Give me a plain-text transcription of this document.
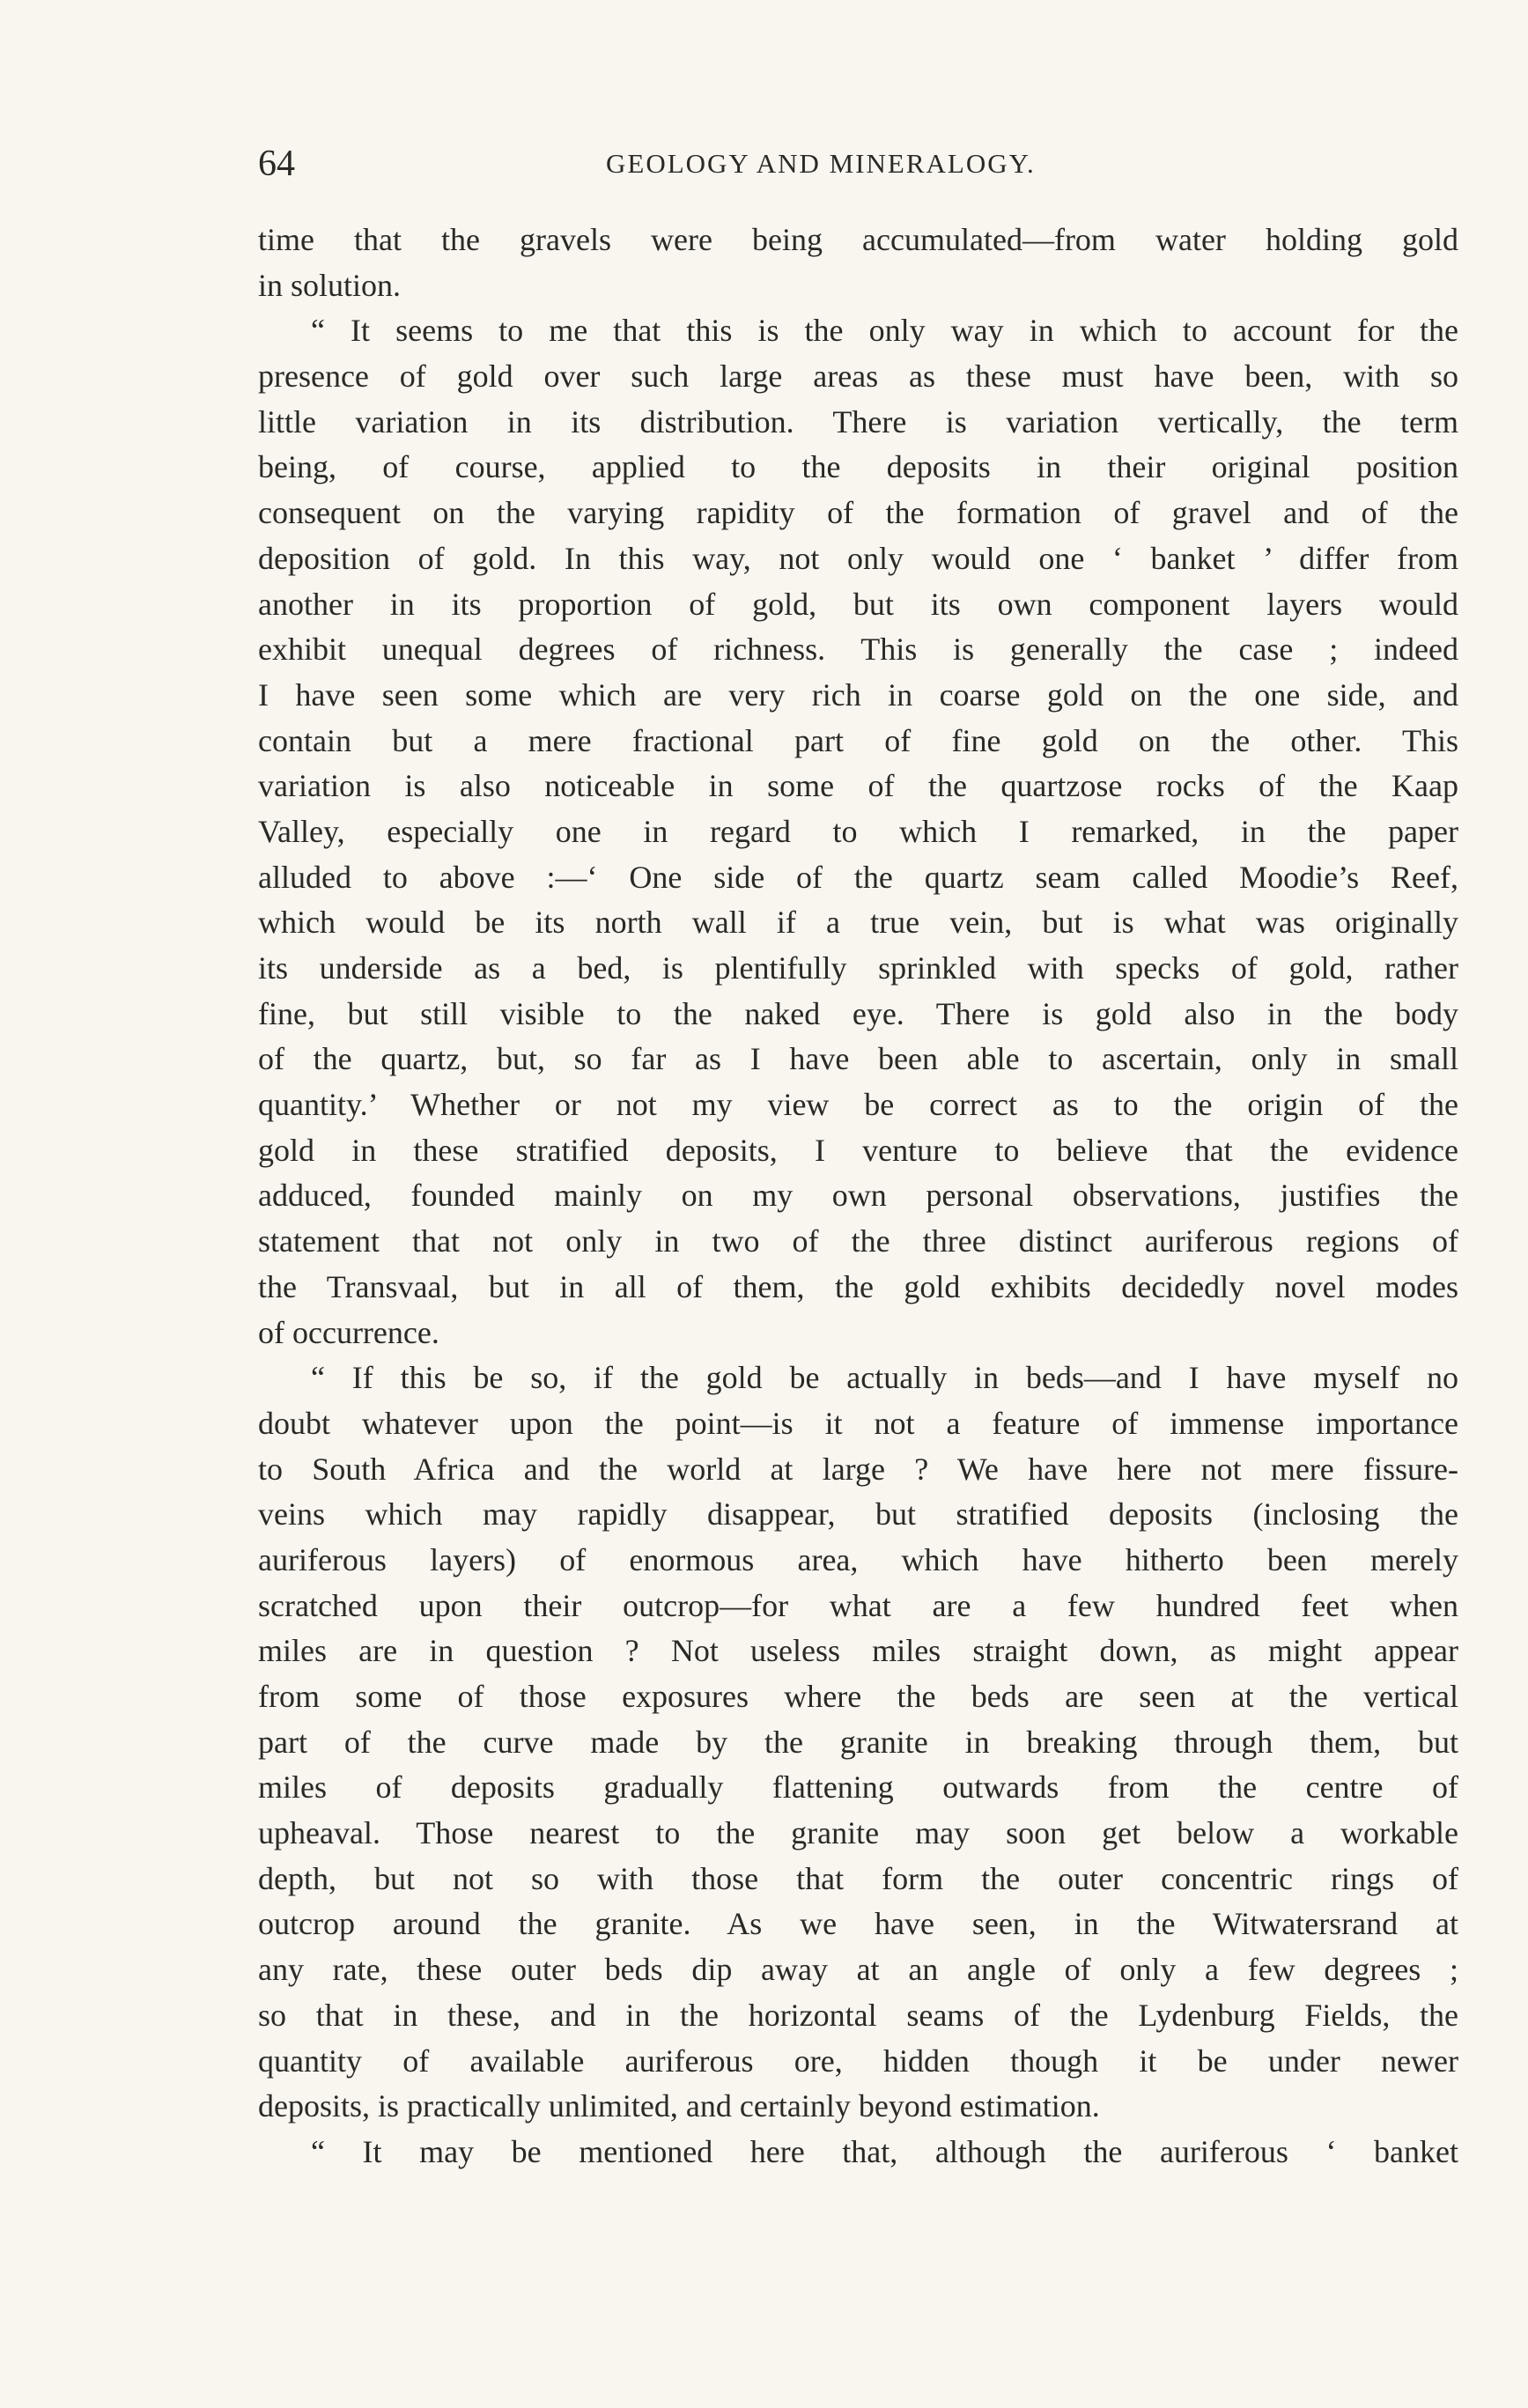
64	GEOLOGY AND MINERALOGY.
time that the gravels were being accumulated—from water holding gold
in solution.
“ It seems to me that this is the only way in which to account for the
presence of gold over such large areas as these must have been, with so
little variation in its distribution. There is variation vertically, the term
being, of course, applied to the deposits in their original position
consequent on the varying rapidity of the formation of gravel and of the
deposition of gold. In this way, not only would one ‘ banket ’ differ from
another in its proportion of gold, but its own component layers would
exhibit unequal degrees of richness. This is generally the case ; indeed
I have seen some which are very rich in coarse gold on the one side, and
contain but a mere fractional part of fine gold on the other. This
variation is also noticeable in some of the quartzose rocks of the Kaap
Valley, especially one in regard to which I remarked, in the paper
alluded to above :—‘ One side of the quartz seam called Moodie’s Reef,
which would be its north wall if a true vein, but is what was originally
its underside as a bed, is plentifully sprinkled with specks of gold, rather
fine, but still visible to the naked eye. There is gold also in the body
of the quartz, but, so far as I have been able to ascertain, only in small
quantity.’ Whether or not my view be correct as to the origin of the
gold in these stratified deposits, I venture to believe that the evidence
adduced, founded mainly on my own personal observations, justifies the
statement that not only in two of the three distinct auriferous regions of
the Transvaal, but in all of them, the gold exhibits decidedly novel modes
of occurrence.
“ If this be so, if the gold be actually in beds—and I have myself no
doubt whatever upon the point—is it not a feature of immense importance
to South Africa and the world at large ? We have here not mere fissure-
veins which may rapidly disappear, but stratified deposits (inclosing the
auriferous layers) of enormous area, which have hitherto been merely
scratched upon their outcrop—for what are a few hundred feet when
miles are in question ? Not useless miles straight down, as might appear
from some of those exposures where the beds are seen at the vertical
part of the curve made by the granite in breaking through them, but
miles of deposits gradually flattening outwards from the centre of
upheaval. Those nearest to the granite may soon get below a workable
depth, but not so with those that form the outer concentric rings of
outcrop around the granite. As we have seen, in the Witwatersrand at
any rate, these outer beds dip away at an angle of only a few degrees ;
so that in these, and in the horizontal seams of the Lydenburg Fields, the
quantity of available auriferous ore, hidden though it be under newer
deposits, is practically unlimited, and certainly beyond estimation.
“ It may be mentioned here that, although the auriferous ‘ banket
